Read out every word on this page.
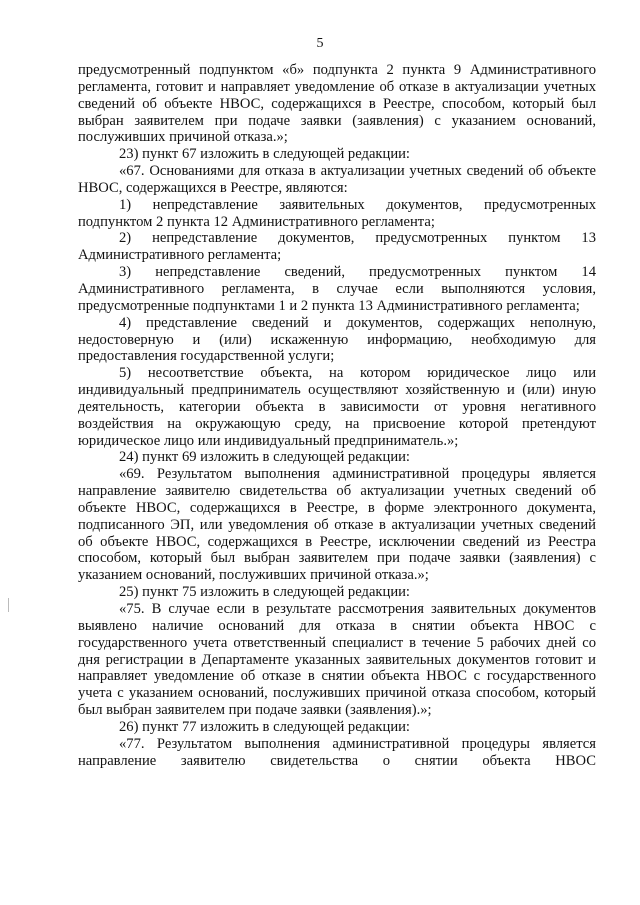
5

предусмотренный подпунктом «б» подпункта 2 пункта 9 Административного регламента, готовит и направляет уведомление об отказе в актуализации учетных сведений об объекте НВОС, содержащихся в Реестре, способом, который был выбран заявителем при подаче заявки (заявления) с указанием оснований, послуживших причиной отказа.»;

23) пункт 67 изложить в следующей редакции:

«67. Основаниями для отказа в актуализации учетных сведений об объекте НВОС, содержащихся в Реестре, являются:

1) непредставление заявительных документов, предусмотренных подпунктом 2 пункта 12 Административного регламента;

2) непредставление документов, предусмотренных пунктом 13 Административного регламента;

3) непредставление сведений, предусмотренных пунктом 14 Административного регламента, в случае если выполняются условия, предусмотренные подпунктами 1 и 2 пункта 13 Административного регламента;

4) представление сведений и документов, содержащих неполную, недостоверную и (или) искаженную информацию, необходимую для предоставления государственной услуги;

5) несоответствие объекта, на котором юридическое лицо или индивидуальный предприниматель осуществляют хозяйственную и (или) иную деятельность, категории объекта в зависимости от уровня негативного воздействия на окружающую среду, на присвоение которой претендуют юридическое лицо или индивидуальный предприниматель.»;

24) пункт 69 изложить в следующей редакции:

«69. Результатом выполнения административной процедуры является направление заявителю свидетельства об актуализации учетных сведений об объекте НВОС, содержащихся в Реестре, в форме электронного документа, подписанного ЭП, или уведомления об отказе в актуализации учетных сведений об объекте НВОС, содержащихся в Реестре, исключении сведений из Реестра способом, который был выбран заявителем при подаче заявки (заявления) с указанием оснований, послуживших причиной отказа.»;

25) пункт 75 изложить в следующей редакции:

«75. В случае если в результате рассмотрения заявительных документов выявлено наличие оснований для отказа в снятии объекта НВОС с государственного учета ответственный специалист в течение 5 рабочих дней со дня регистрации в Департаменте указанных заявительных документов готовит и направляет уведомление об отказе в снятии объекта НВОС с государственного учета с указанием оснований, послуживших причиной отказа способом, который был выбран заявителем при подаче заявки (заявления).»;

26) пункт 77 изложить в следующей редакции:

«77. Результатом выполнения административной процедуры является направление заявителю свидетельства о снятии объекта НВОС
